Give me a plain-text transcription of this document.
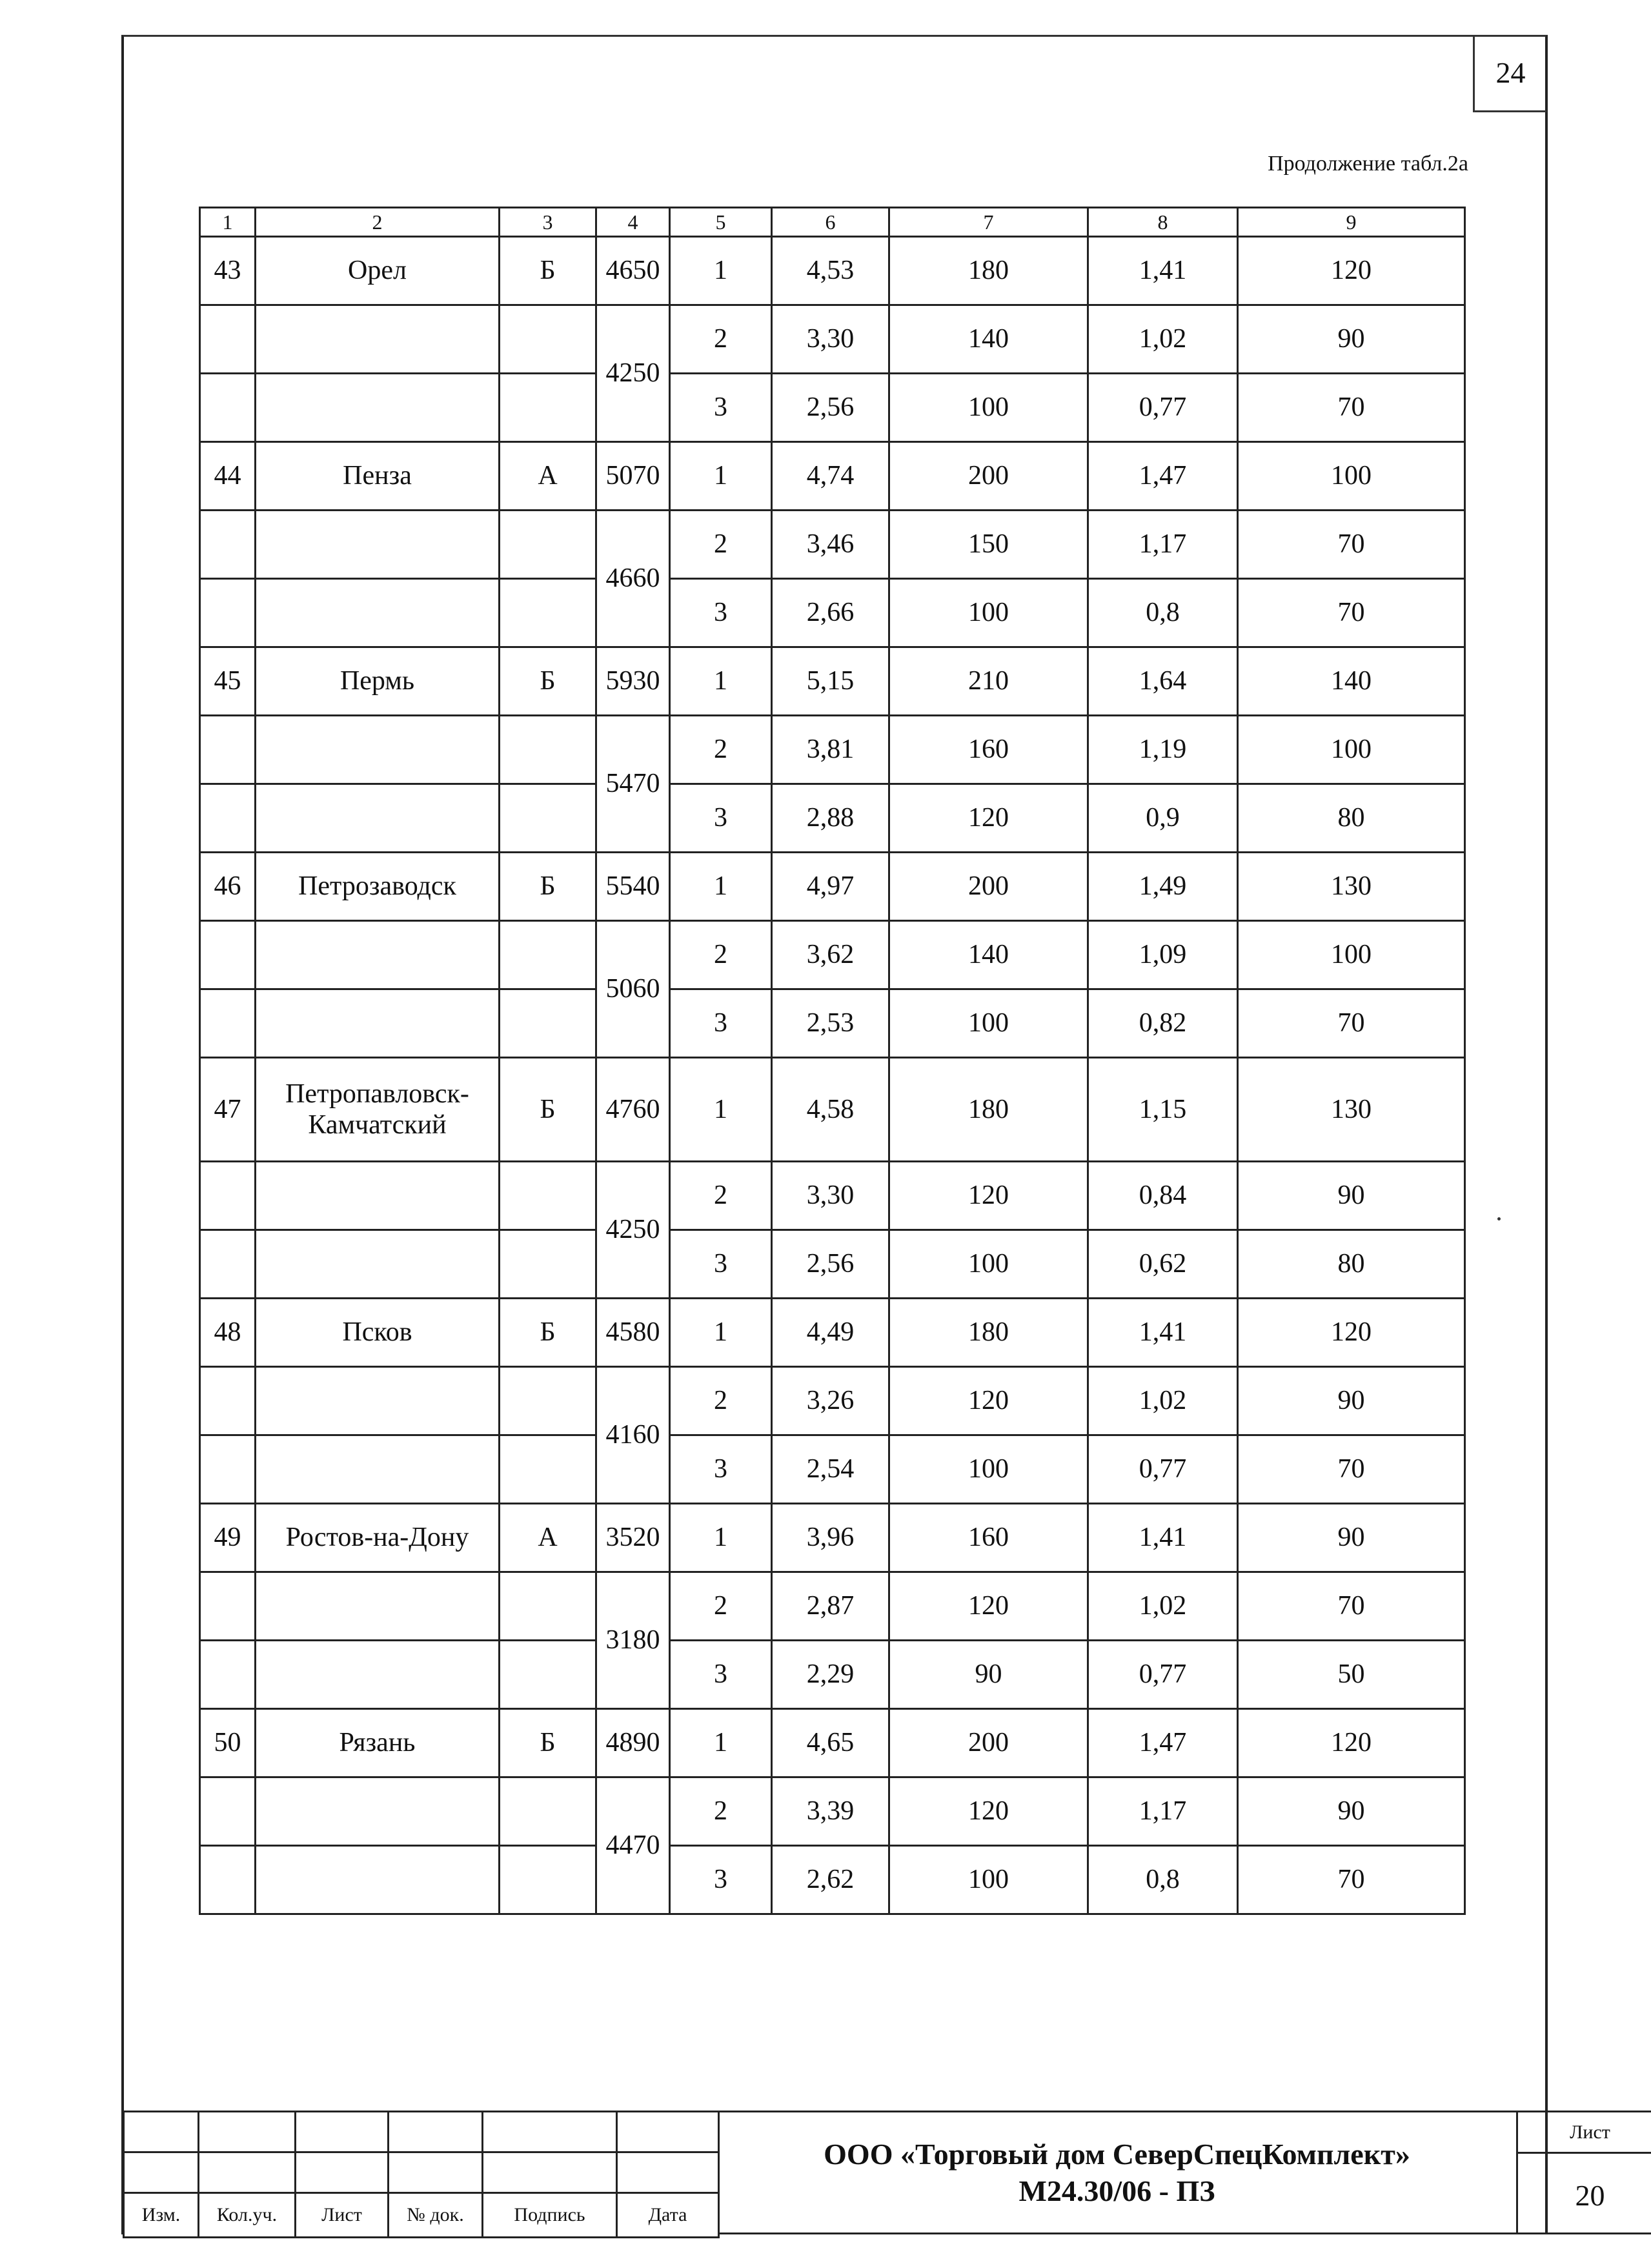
24
Продолжение табл.2а
1	2	3	4	5	6	7	8	9
43	Орел	Б	4650	1	4,53	180	1,41	120
			4250	2	3,30	140	1,02	90
				3	2,56	100	0,77	70
44	Пенза	А	5070	1	4,74	200	1,47	100
			4660	2	3,46	150	1,17	70
				3	2,66	100	0,8	70
45	Пермь	Б	5930	1	5,15	210	1,64	140
			5470	2	3,81	160	1,19	100
				3	2,88	120	0,9	80
46	Петрозаводск	Б	5540	1	4,97	200	1,49	130
			5060	2	3,62	140	1,09	100
				3	2,53	100	0,82	70
47	Петропавловск-
Камчатский	Б	4760	1	4,58	180	1,15	130
			4250	2	3,30	120	0,84	90
				3	2,56	100	0,62	80
48	Псков	Б	4580	1	4,49	180	1,41	120
			4160	2	3,26	120	1,02	90
				3	2,54	100	0,77	70
49	Ростов-на-Дону	А	3520	1	3,96	160	1,41	90
			3180	2	2,87	120	1,02	70
				3	2,29	90	0,77	50
50	Рязань	Б	4890	1	4,65	200	1,47	120
			4470	2	3,39	120	1,17	90
				3	2,62	100	0,8	70

Изм.	Кол.уч.	Лист	№ док.	Подпись	Дата
ООО «Торговый дом СеверСпецКомплект»
М24.30/06 - ПЗ
Лист
20
